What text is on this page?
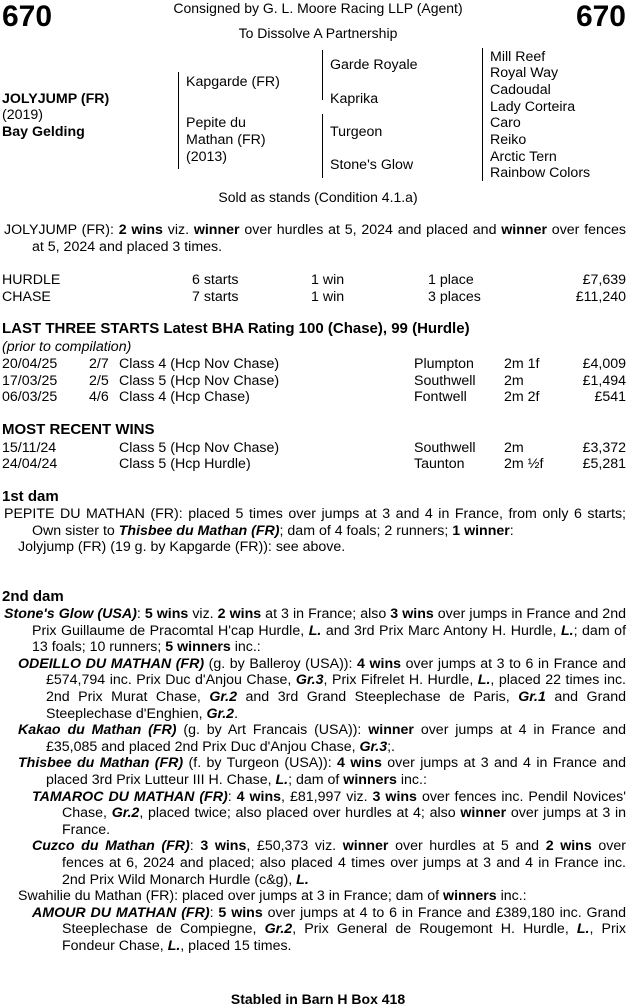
670	670
Consigned by G. L. Moore Racing LLP (Agent)
To Dissolve A Partnership
JOLYJUMP (FR)
(2019)
Bay Gelding
Kapgarde (FR)
Pepite du
Mathan (FR)
(2013)
Garde Royale
Kaprika
Turgeon
Stone's Glow
Mill Reef
Royal Way
Cadoudal
Lady Corteira
Caro
Reiko
Arctic Tern
Rainbow Colors
Sold as stands (Condition 4.1.a)

JOLYJUMP (FR): 2 wins viz. winner over hurdles at 5, 2024 and placed and winner over fences at 5, 2024 and placed 3 times.

HURDLE	6 starts	1 win	1 place	£7,639
CHASE	7 starts	1 win	3 places	£11,240
LAST THREE STARTS Latest BHA Rating 100 (Chase), 99 (Hurdle)
(prior to compilation)
20/04/25 2/7 Class 4 (Hcp Nov Chase)	Plumpton 2m 1f	£4,009
17/03/25 2/5 Class 5 (Hcp Nov Chase)	Southwell 2m	£1,494
06/03/25 4/6 Class 4 (Hcp Chase)	Fontwell	2m 2f	£541
MOST RECENT WINS
15/11/24	Class 5 (Hcp Nov Chase)	Southwell 2m	£3,372
24/04/24	Class 5 (Hcp Hurdle)	Taunton	2m ½f	£5,281
1st dam

PEPITE DU MATHAN (FR): placed 5 times over jumps at 3 and 4 in France, from only 6 starts; Own sister to Thisbee du Mathan (FR); dam of 4 foals; 2 runners; 1 winner:

Jolyjump (FR) (19 g. by Kapgarde (FR)): see above.

2nd dam

Stone's Glow (USA): 5 wins viz. 2 wins at 3 in France; also 3 wins over jumps in France and 2nd Prix Guillaume de Pracomtal H'cap Hurdle, L. and 3rd Prix Marc Antony H. Hurdle, L.; dam of 13 foals; 10 runners; 5 winners inc.:

ODEILLO DU MATHAN (FR) (g. by Balleroy (USA)): 4 wins over jumps at 3 to 6 in France and £574,794 inc. Prix Duc d'Anjou Chase, Gr.3, Prix Fifrelet H. Hurdle, L., placed 22 times inc. 2nd Prix Murat Chase, Gr.2 and 3rd Grand Steeplechase de Paris, Gr.1 and Grand Steeplechase d'Enghien, Gr.2.

Kakao du Mathan (FR) (g. by Art Francais (USA)): winner over jumps at 4 in France and £35,085 and placed 2nd Prix Duc d'Anjou Chase, Gr.3;.

Thisbee du Mathan (FR) (f. by Turgeon (USA)): 4 wins over jumps at 3 and 4 in France and placed 3rd Prix Lutteur III H. Chase, L.; dam of winners inc.:

TAMAROC DU MATHAN (FR): 4 wins, £81,997 viz. 3 wins over fences inc. Pendil Novices' Chase, Gr.2, placed twice; also placed over hurdles at 4; also winner over jumps at 3 in France.

Cuzco du Mathan (FR): 3 wins, £50,373 viz. winner over hurdles at 5 and 2 wins over fences at 6, 2024 and placed; also placed 4 times over jumps at 3 and 4 in France inc. 2nd Prix Wild Monarch Hurdle (c&g), L.

Swahilie du Mathan (FR): placed over jumps at 3 in France; dam of winners inc.:

AMOUR DU MATHAN (FR): 5 wins over jumps at 4 to 6 in France and £389,180 inc. Grand Steeplechase de Compiegne, Gr.2, Prix General de Rougemont H. Hurdle, L., Prix Fondeur Chase, L., placed 15 times.

Stabled in Barn H Box 418
